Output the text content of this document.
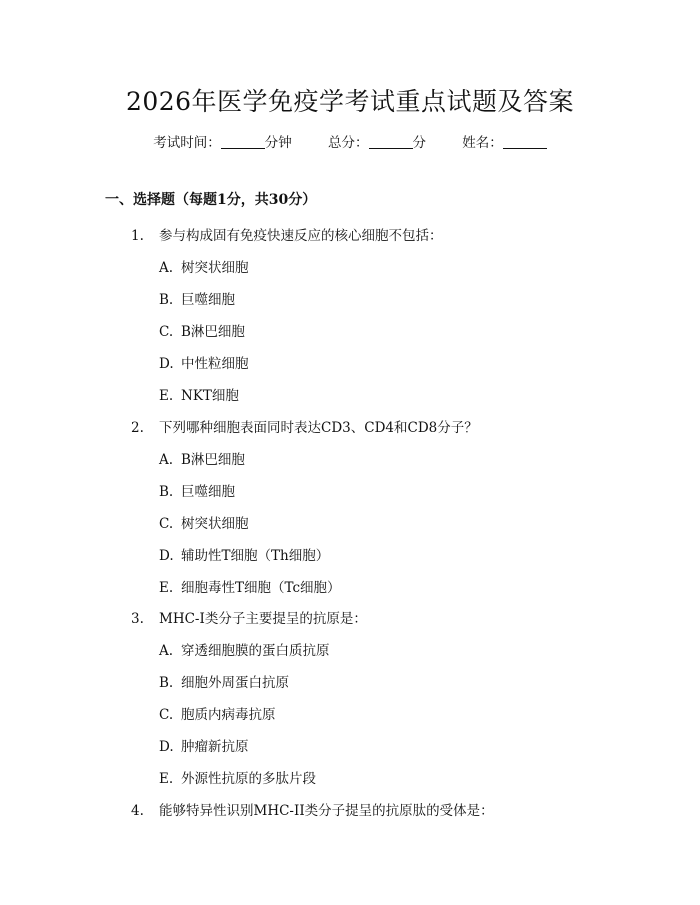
2026年医学免疫学考试重点试题及答案
考试时间：	分钟	总分：	分	姓名：
一、选择题（每题1分，共30分）
1. 参与构成固有免疫快速反应的核心细胞不包括：
A. 树突状细胞
B. 巨噬细胞
C. B淋巴细胞
D. 中性粒细胞
E. NKT细胞
2. 下列哪种细胞表面同时表达CD3、CD4和CD8分子？
A. B淋巴细胞
B. 巨噬细胞
C. 树突状细胞
D. 辅助性T细胞（Th细胞）
E. 细胞毒性T细胞（Tc细胞）
3. MHC-I类分子主要提呈的抗原是：
A. 穿透细胞膜的蛋白质抗原
B. 细胞外周蛋白抗原
C. 胞质内病毒抗原
D. 肿瘤新抗原
E. 外源性抗原的多肽片段
4. 能够特异性识别MHC-II类分子提呈的抗原肽的受体是：
